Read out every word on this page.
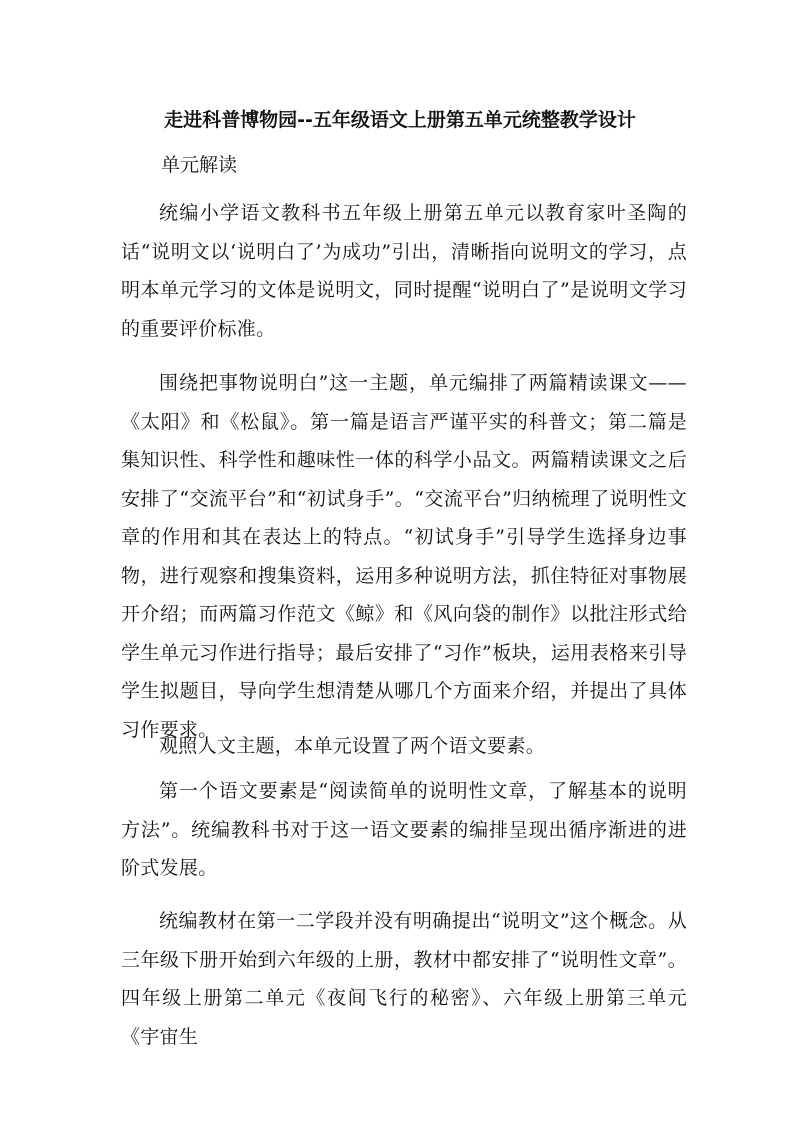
走进科普博物园--五年级语文上册第五单元统整教学设计
单元解读

统编小学语文教科书五年级上册第五单元以教育家叶圣陶的话“说明文以‘说明白了’为成功”引出，清晰指向说明文的学习，点明本单元学习的文体是说明文，同时提醒“说明白了”是说明文学习的重要评价标准。

围绕把事物说明白”这一主题，单元编排了两篇精读课文——《太阳》和《松鼠》。第一篇是语言严谨平实的科普文；第二篇是集知识性、科学性和趣味性一体的科学小品文。两篇精读课文之后安排了“交流平台”和“初试身手”。“交流平台”归纳梳理了说明性文章的作用和其在表达上的特点。“初试身手”引导学生选择身边事物，进行观察和搜集资料，运用多种说明方法，抓住特征对事物展开介绍；而两篇习作范文《鲸》和《风向袋的制作》以批注形式给学生单元习作进行指导；最后安排了“习作”板块，运用表格来引导学生拟题目，导向学生想清楚从哪几个方面来介绍，并提出了具体习作要求。

观照人文主题，本单元设置了两个语文要素。

第一个语文要素是“阅读简单的说明性文章，了解基本的说明方法”。统编教科书对于这一语文要素的编排呈现出循序渐进的进阶式发展。

统编教材在第一二学段并没有明确提出“说明文”这个概念。从三年级下册开始到六年级的上册，教材中都安排了“说明性文章”。四年级上册第二单元《夜间飞行的秘密》、六年级上册第三单元《宇宙生
